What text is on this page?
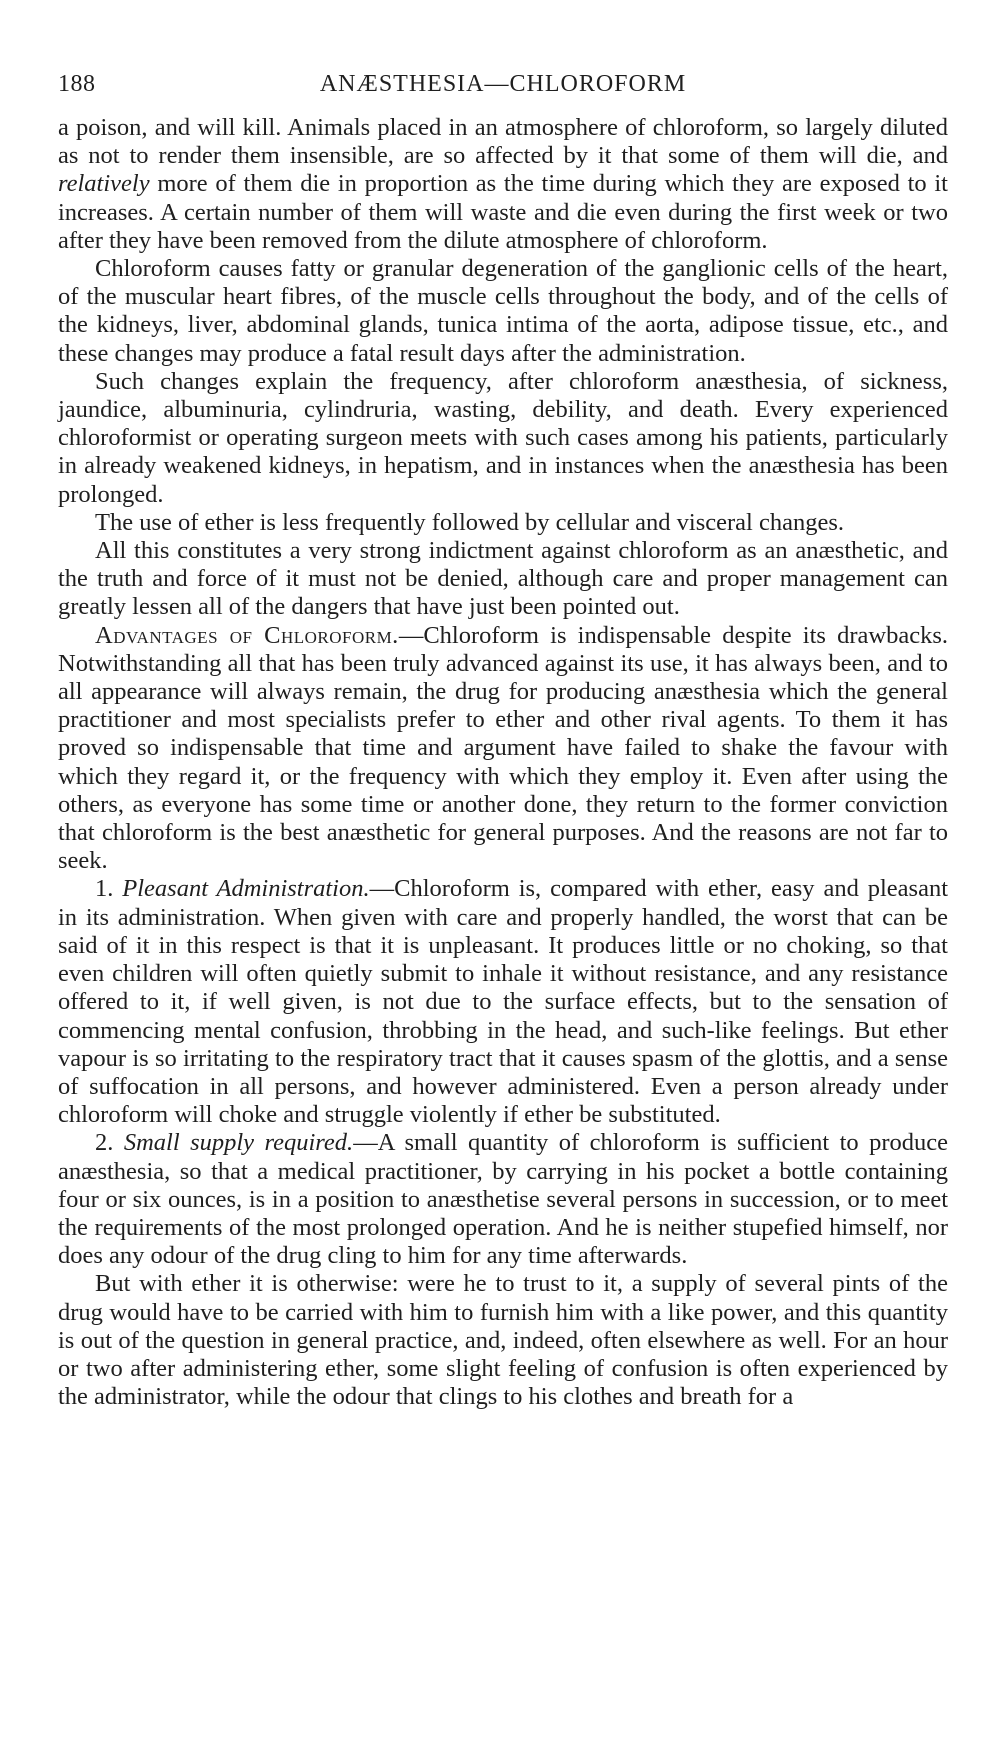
188	ANÆSTHESIA—CHLOROFORM

a poison, and will kill. Animals placed in an atmosphere of chloroform, so largely diluted as not to render them insensible, are so affected by it that some of them will die, and relatively more of them die in proportion as the time during which they are exposed to it increases. A certain number of them will waste and die even during the first week or two after they have been removed from the dilute atmosphere of chloroform.

Chloroform causes fatty or granular degeneration of the ganglionic cells of the heart, of the muscular heart fibres, of the muscle cells throughout the body, and of the cells of the kidneys, liver, abdominal glands, tunica intima of the aorta, adipose tissue, etc., and these changes may produce a fatal result days after the administration.

Such changes explain the frequency, after chloroform anæsthesia, of sickness, jaundice, albuminuria, cylindruria, wasting, debility, and death. Every experienced chloroformist or operating surgeon meets with such cases among his patients, particularly in already weakened kidneys, in hepatism, and in instances when the anæsthesia has been prolonged.

The use of ether is less frequently followed by cellular and visceral changes.

All this constitutes a very strong indictment against chloroform as an anæsthetic, and the truth and force of it must not be denied, although care and proper management can greatly lessen all of the dangers that have just been pointed out.

Advantages of Chloroform.—Chloroform is indispensable despite its drawbacks. Notwithstanding all that has been truly advanced against its use, it has always been, and to all appearance will always remain, the drug for producing anæsthesia which the general practitioner and most specialists prefer to ether and other rival agents. To them it has proved so indispensable that time and argument have failed to shake the favour with which they regard it, or the frequency with which they employ it. Even after using the others, as everyone has some time or another done, they return to the former conviction that chloroform is the best anæsthetic for general purposes. And the reasons are not far to seek.

1. Pleasant Administration.—Chloroform is, compared with ether, easy and pleasant in its administration. When given with care and properly handled, the worst that can be said of it in this respect is that it is unpleasant. It produces little or no choking, so that even children will often quietly submit to inhale it without resistance, and any resistance offered to it, if well given, is not due to the surface effects, but to the sensation of commencing mental confusion, throbbing in the head, and such-like feelings. But ether vapour is so irritating to the respiratory tract that it causes spasm of the glottis, and a sense of suffocation in all persons, and however administered. Even a person already under chloroform will choke and struggle violently if ether be substituted.

2. Small supply required.—A small quantity of chloroform is sufficient to produce anæsthesia, so that a medical practitioner, by carrying in his pocket a bottle containing four or six ounces, is in a position to anæsthetise several persons in succession, or to meet the requirements of the most prolonged operation. And he is neither stupefied himself, nor does any odour of the drug cling to him for any time afterwards.

But with ether it is otherwise: were he to trust to it, a supply of several pints of the drug would have to be carried with him to furnish him with a like power, and this quantity is out of the question in general practice, and, indeed, often elsewhere as well. For an hour or two after administering ether, some slight feeling of confusion is often experienced by the administrator, while the odour that clings to his clothes and breath for a
